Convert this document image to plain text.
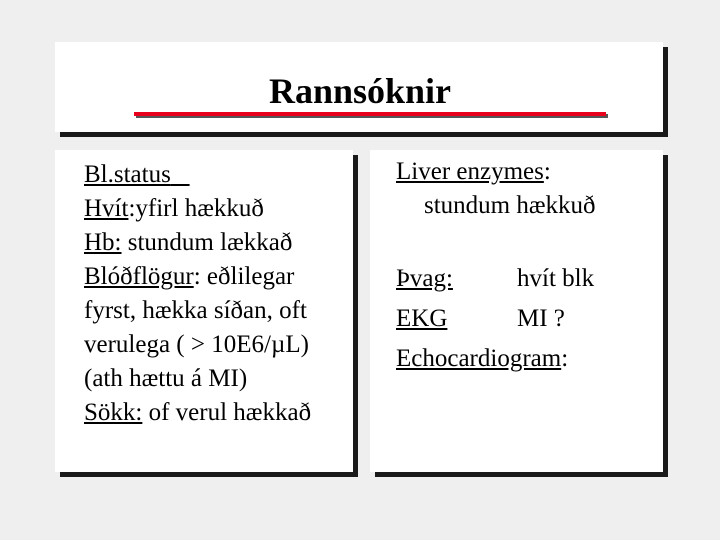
Rannsóknir
Bl.status
Hvít:yfirl hækkuð
Hb: stundum lækkað
Blóðflögur: eðlilegar
fyrst, hækka síðan, oft
verulega ( > 10E6/µL)
(ath hættu á MI)
Sökk: of verul hækkað
Liver enzymes:
stundum hækkuð
Þvag:	hvít blk
EKG	MI ?
Echocardiogram:
